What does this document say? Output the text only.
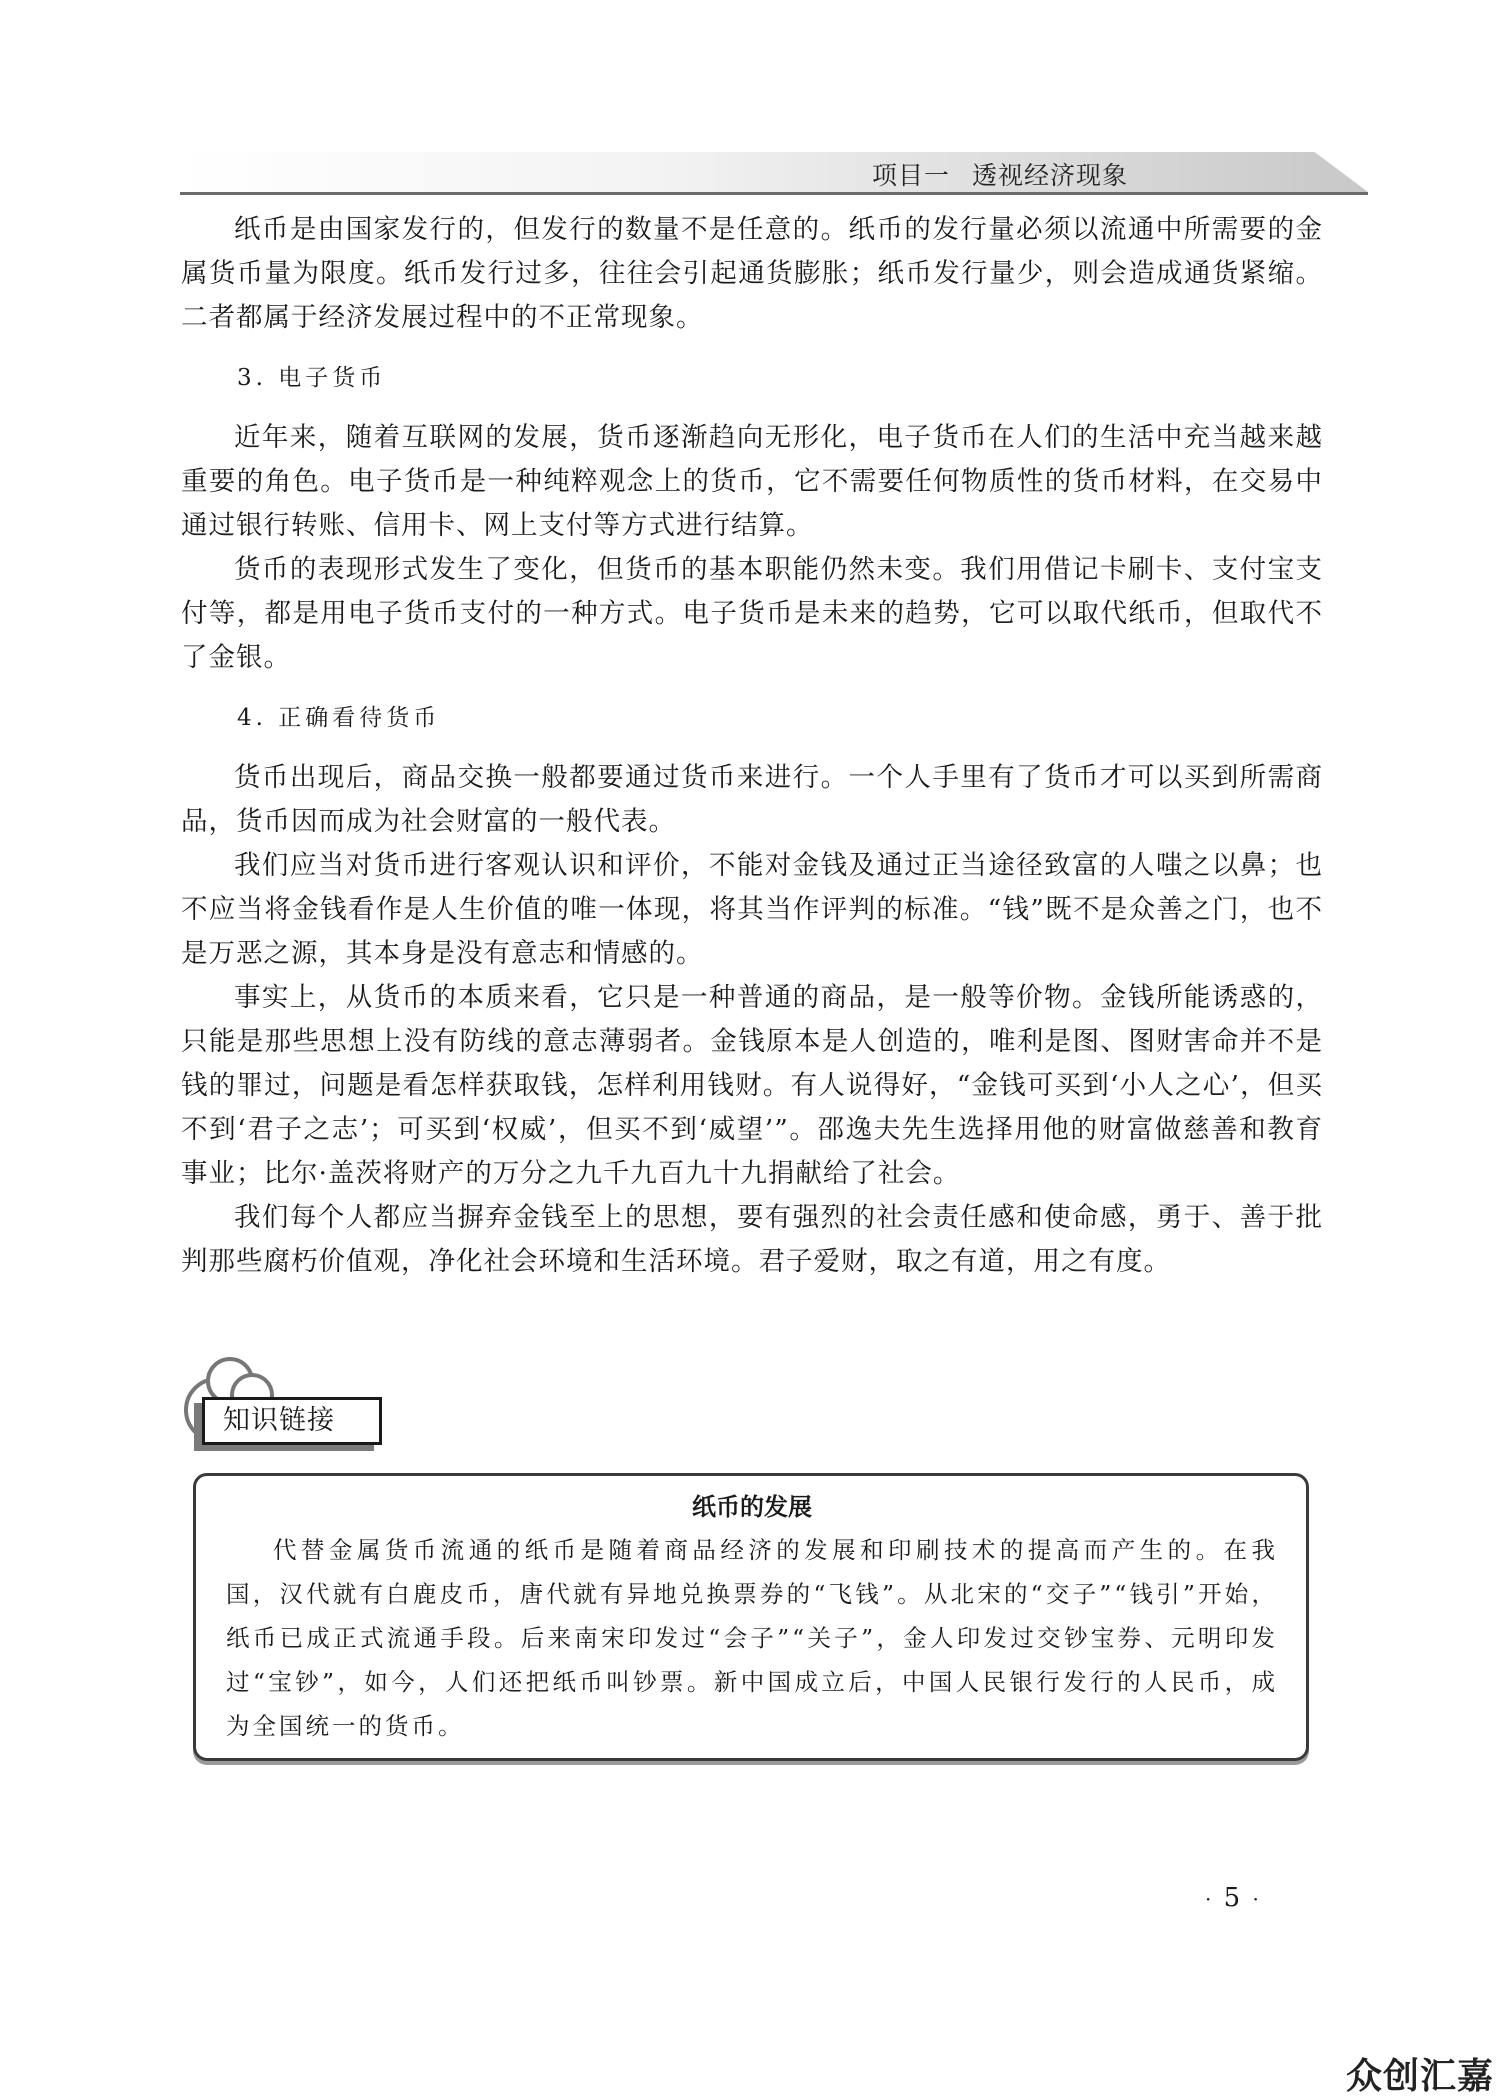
项目一 透视经济现象

纸币是由国家发行的，但发行的数量不是任意的。纸币的发行量必须以流通中所需要的金属货币量为限度。纸币发行过多，往往会引起通货膨胀；纸币发行量少，则会造成通货紧缩。二者都属于经济发展过程中的不正常现象。

3. 电子货币

近年来，随着互联网的发展，货币逐渐趋向无形化，电子货币在人们的生活中充当越来越重要的角色。电子货币是一种纯粹观念上的货币，它不需要任何物质性的货币材料，在交易中通过银行转账、信用卡、网上支付等方式进行结算。

货币的表现形式发生了变化，但货币的基本职能仍然未变。我们用借记卡刷卡、支付宝支付等，都是用电子货币支付的一种方式。电子货币是未来的趋势，它可以取代纸币，但取代不了金银。

4. 正确看待货币

货币出现后，商品交换一般都要通过货币来进行。一个人手里有了货币才可以买到所需商品，货币因而成为社会财富的一般代表。

我们应当对货币进行客观认识和评价，不能对金钱及通过正当途径致富的人嗤之以鼻；也不应当将金钱看作是人生价值的唯一体现，将其当作评判的标准。“钱”既不是众善之门，也不是万恶之源，其本身是没有意志和情感的。

事实上，从货币的本质来看，它只是一种普通的商品，是一般等价物。金钱所能诱惑的，只能是那些思想上没有防线的意志薄弱者。金钱原本是人创造的，唯利是图、图财害命并不是钱的罪过，问题是看怎样获取钱，怎样利用钱财。有人说得好，“金钱可买到‘小人之心’，但买不到‘君子之志’；可买到‘权威’，但买不到‘威望’”。邵逸夫先生选择用他的财富做慈善和教育事业；比尔·盖茨将财产的万分之九千九百九十九捐献给了社会。

我们每个人都应当摒弃金钱至上的思想，要有强烈的社会责任感和使命感，勇于、善于批判那些腐朽价值观，净化社会环境和生活环境。君子爱财，取之有道，用之有度。

知识链接

纸币的发展

代替金属货币流通的纸币是随着商品经济的发展和印刷技术的提高而产生的。在我国，汉代就有白鹿皮币，唐代就有异地兑换票券的“飞钱”。从北宋的“交子”“钱引”开始，纸币已成正式流通手段。后来南宋印发过“会子”“关子”，金人印发过交钞宝券、元明印发过“宝钞”，如今，人们还把纸币叫钞票。新中国成立后，中国人民银行发行的人民币，成为全国统一的货币。

· 5 ·
众创汇嘉
